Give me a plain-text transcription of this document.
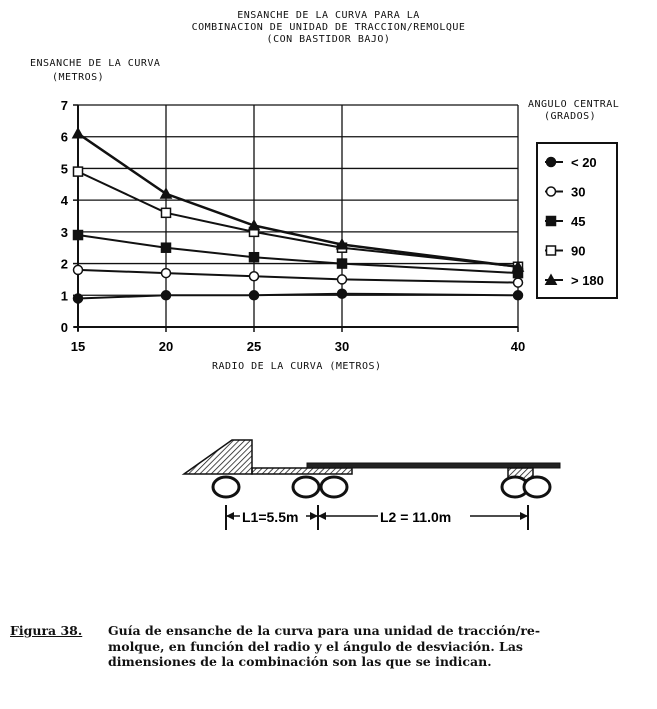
ENSANCHE DE LA CURVA PARA LA
COMBINACION DE UNIDAD DE TRACCION/REMOLQUE
(CON BASTIDOR BAJO)
ENSANCHE DE LA CURVA
(METROS)
ANGULO CENTRAL
(GRADOS)
RADIO DE LA CURVA (METROS)
0
1
2
3
4
5
6
7
15	20	25	30	40
< 20
30
45
90
> 180
L1=5.5m	L2 = 11.0m
Figura 38. Guía de ensanche de la curva para una unidad de tracción/re-
molque, en función del radio y el ángulo de desviación. Las
dimensiones de la combinación son las que se indican.
